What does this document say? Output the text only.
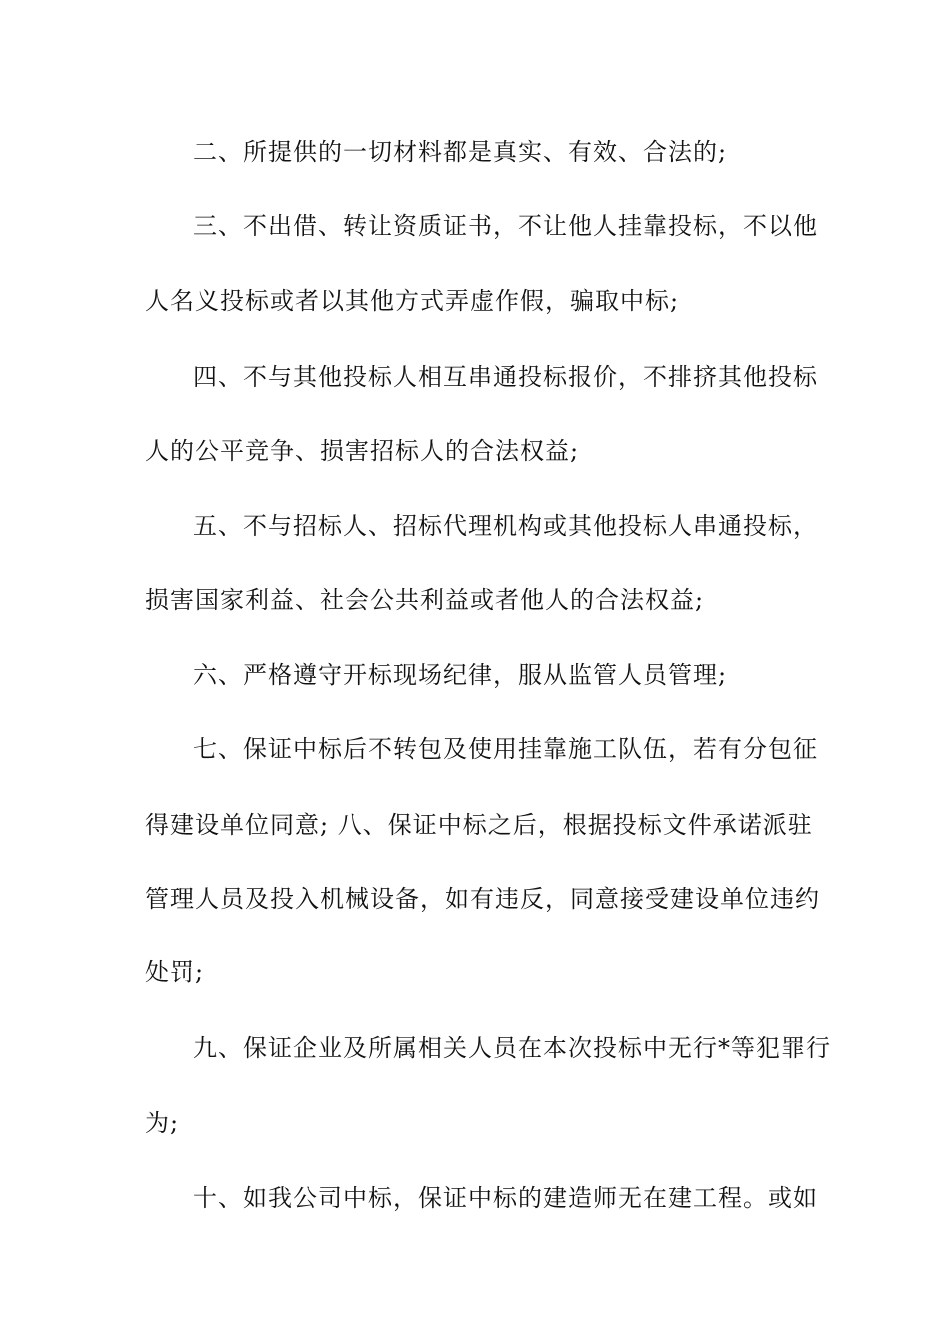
二、所提供的一切材料都是真实、有效、合法的;
三、不出借、转让资质证书，不让他人挂靠投标，不以他
人名义投标或者以其他方式弄虚作假，骗取中标;
四、不与其他投标人相互串通投标报价，不排挤其他投标
人的公平竞争、损害招标人的合法权益;
五、不与招标人、招标代理机构或其他投标人串通投标，
损害国家利益、社会公共利益或者他人的合法权益;
六、严格遵守开标现场纪律，服从监管人员管理;
七、保证中标后不转包及使用挂靠施工队伍，若有分包征
得建设单位同意; 八、保证中标之后，根据投标文件承诺派驻
管理人员及投入机械设备，如有违反，同意接受建设单位违约
处罚;
九、保证企业及所属相关人员在本次投标中无行*等犯罪行
为;
十、如我公司中标，保证中标的建造师无在建工程。或如
